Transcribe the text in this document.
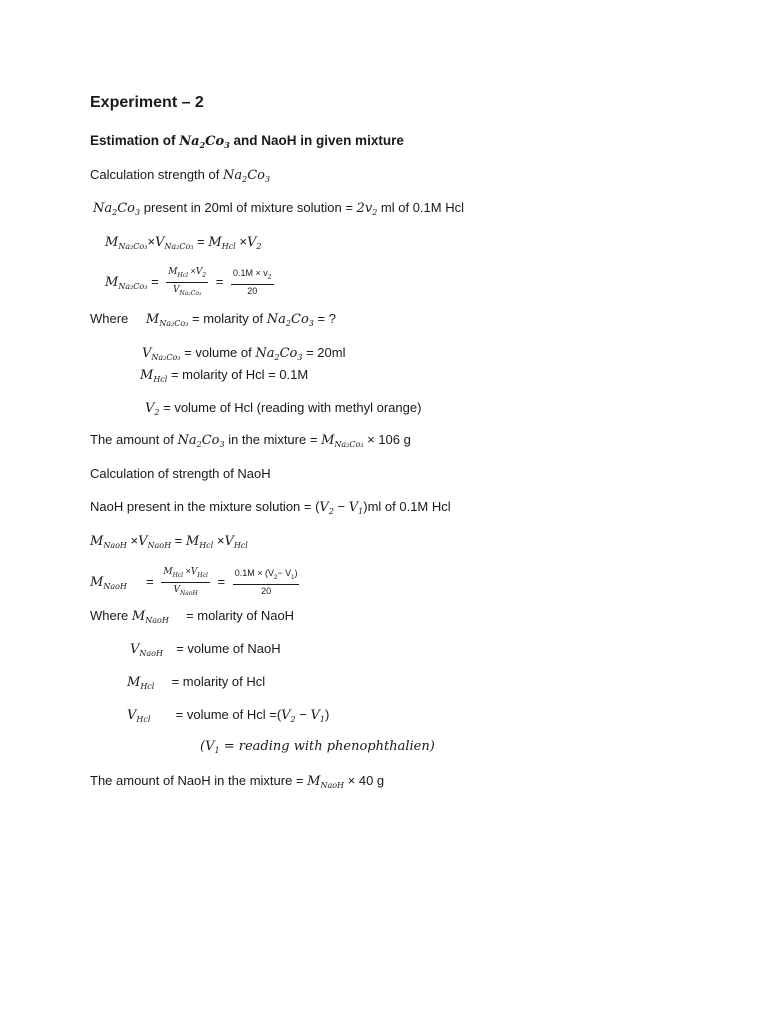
Experiment – 2
Estimation of $Na_2Co_3$ and NaoH in given mixture
Calculation strength of $Na_2Co_3$
$Na_2Co_3$ present in 20ml of mixture solution = $2v_2$ ml of 0.1M Hcl
$M_{Na_2Co_3}\times V_{Na_2Co_3} = M_{Hcl} \times V_2$
$M_{Na_2Co_3} = \frac{M_{Hcl} \times V_2}{V_{Na_2Co_3}} = \frac{0.1M \times v_2}{20}$
Where $M_{Na_2Co_3}$ = molarity of $Na_2Co_3$ = ?
$V_{Na_2Co_3}$ = volume of $Na_2Co_3 = 20ml$
$M_{Hcl}$ = molarity of Hcl = 0.1M
$V_2$ = volume of Hcl (reading with methyl orange)
The amount of $Na_2Co_3$ in the mixture = $M_{Na_2Co_3} \times 106$ g
Calculation of strength of NaoH
NaoH present in the mixture solution = $(V_2 - V_1)ml$ of 0.1M Hcl
$M_{NaoH} \times V_{NaoH} = M_{Hcl} \times V_{Hcl}$
$M_{NaoH} = \frac{M_{Hcl} \times V_{Hcl}}{V_{NaoH}} = \frac{0.1M \times (V_2- V_1)}{20}$
Where $M_{NaoH}$ = molarity of NaoH
$V_{NaoH}$ = volume of NaoH
$M_{Hcl}$ = molarity of Hcl
$V_{Hcl}$ = volume of Hcl $=(V_2 - V_1)$
($V_1$ = reading with phenophthalien)
The amount of NaoH in the mixture = $M_{NaoH} \times 40$ g
